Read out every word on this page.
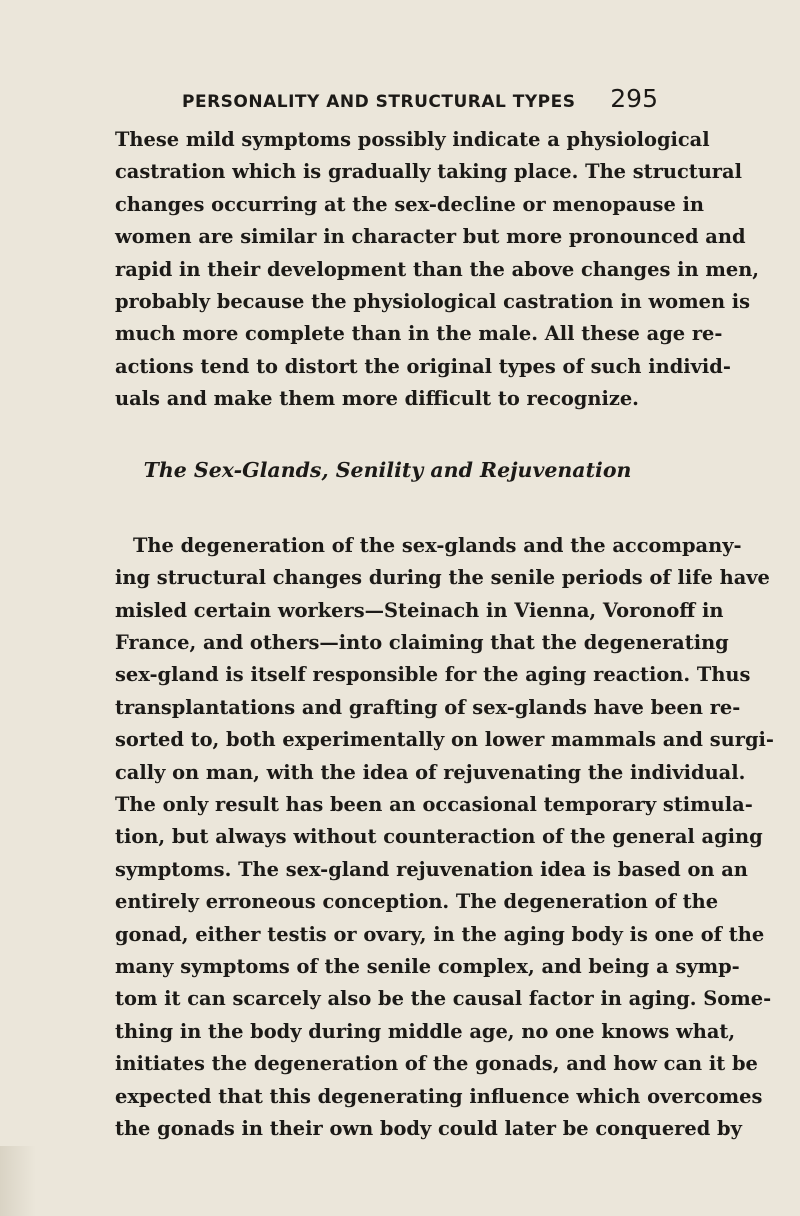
PERSONALITY AND STRUCTURAL TYPES 295
These mild symptoms possibly indicate a physiological
castration which is gradually taking place. The structural
changes occurring at the sex-decline or menopause in
women are similar in character but more pronounced and
rapid in their development than the above changes in men,
probably because the physiological castration in women is
much more complete than in the male. All these age re-
actions tend to distort the original types of such individ-
uals and make them more difficult to recognize.
The Sex-Glands, Senility and Rejuvenation
The degeneration of the sex-glands and the accompany-
ing structural changes during the senile periods of life have
misled certain workers—Steinach in Vienna, Voronoff in
France, and others—into claiming that the degenerating
sex-gland is itself responsible for the aging reaction. Thus
transplantations and grafting of sex-glands have been re-
sorted to, both experimentally on lower mammals and surgi-
cally on man, with the idea of rejuvenating the individual.
The only result has been an occasional temporary stimula-
tion, but always without counteraction of the general aging
symptoms. The sex-gland rejuvenation idea is based on an
entirely erroneous conception. The degeneration of the
gonad, either testis or ovary, in the aging body is one of the
many symptoms of the senile complex, and being a symp-
tom it can scarcely also be the causal factor in aging. Some-
thing in the body during middle age, no one knows what,
initiates the degeneration of the gonads, and how can it be
expected that this degenerating influence which overcomes
the gonads in their own body could later be conquered by
